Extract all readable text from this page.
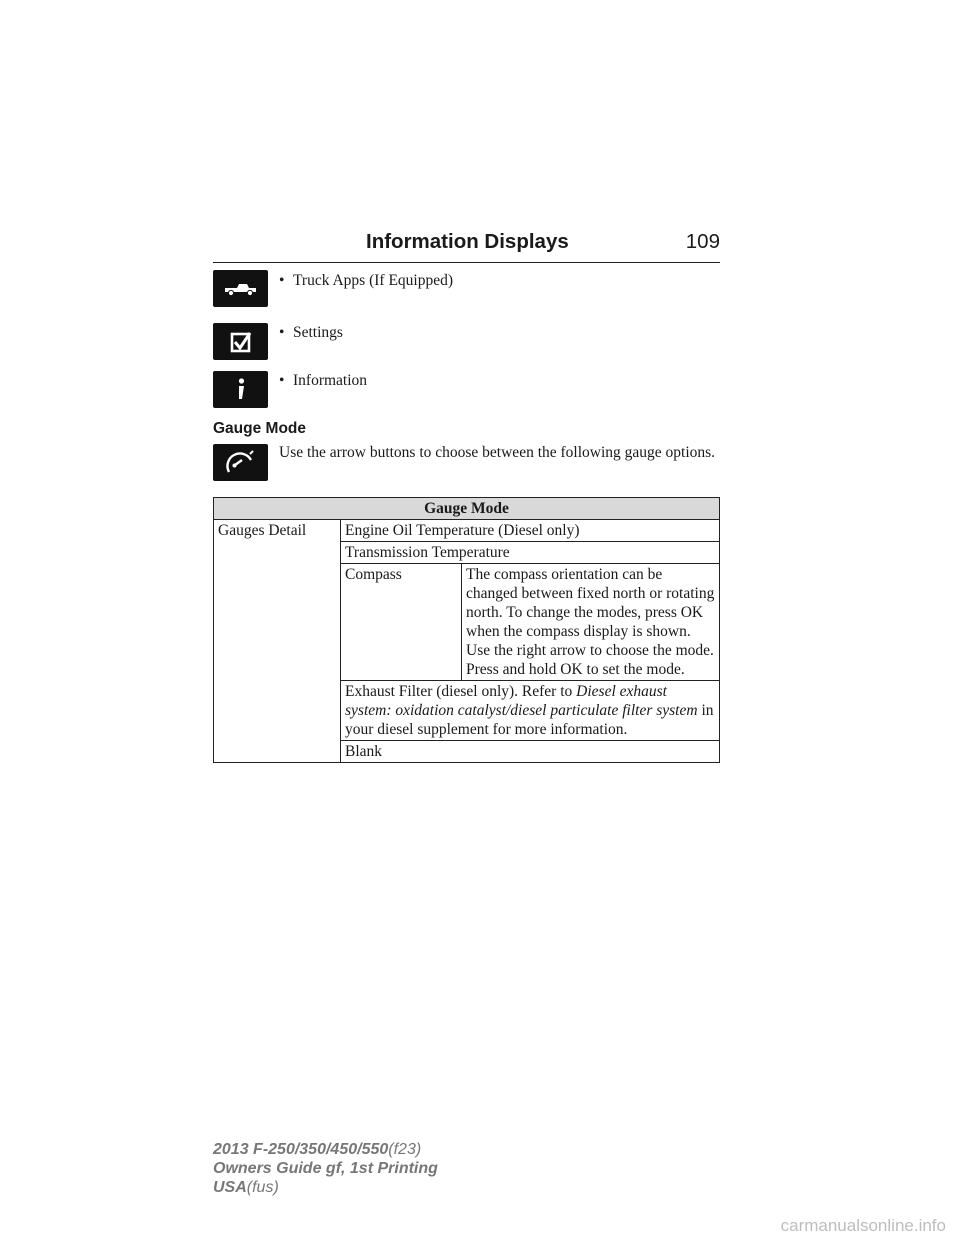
Information Displays	109
• Truck Apps (If Equipped)
• Settings
• Information
Gauge Mode
Use the arrow buttons to choose between the following gauge options.
Gauge Mode		
Gauges Detail	Engine Oil Temperature (Diesel only)	
	Transmission Temperature	
	Compass	The compass orientation can be changed between fixed north or rotating north. To change the modes, press OK when the compass display is shown. Use the right arrow to choose the mode. Press and hold OK to set the mode.
	Exhaust Filter (diesel only). Refer to Diesel exhaust system: oxidation catalyst/diesel particulate filter system in your diesel supplement for more information.	
	Blank	
2013 F-250/350/450/550(f23)
Owners Guide gf, 1st Printing
USA(fus)
carmanualsonline.info
